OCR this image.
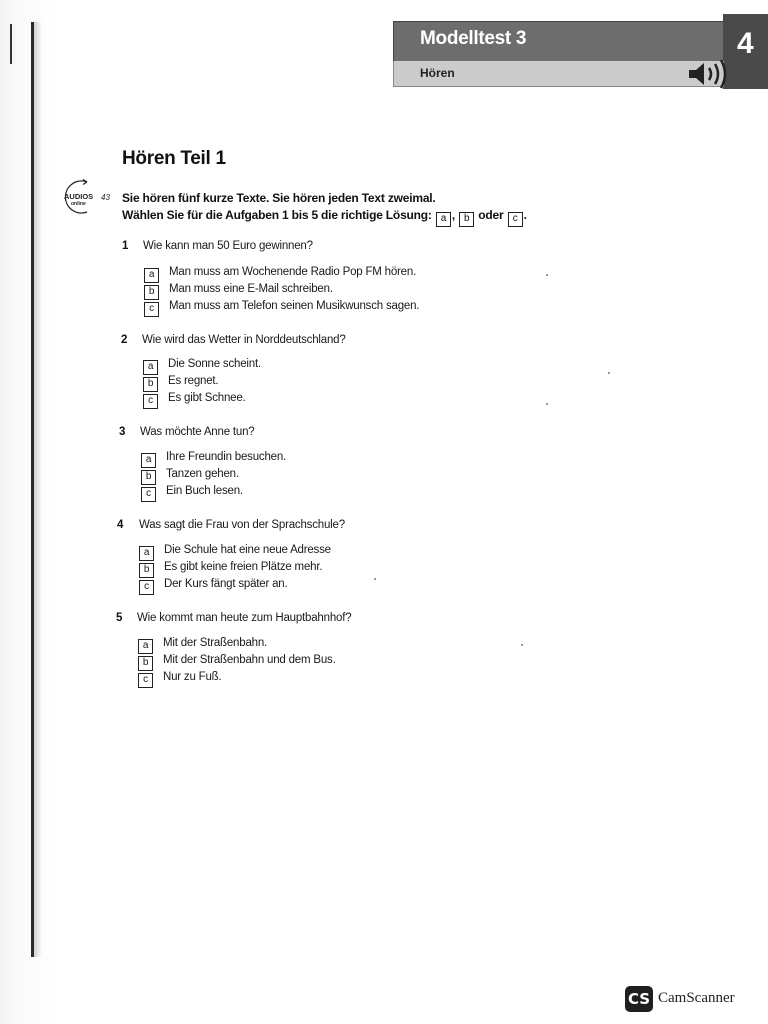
Modelltest 3	4
Hören
Hören Teil 1
AUDIOS
online
43 Sie hören fünf kurze Texte. Sie hören jeden Text zweimal.
Wählen Sie für die Aufgaben 1 bis 5 die richtige Lösung: a , b oder c .
1 Wie kann man 50 Euro gewinnen?
a Man muss am Wochenende Radio Pop FM hören.
b Man muss eine E-Mail schreiben.
c Man muss am Telefon seinen Musikwunsch sagen.
2 Wie wird das Wetter in Norddeutschland?
a Die Sonne scheint.
b Es regnet.
c Es gibt Schnee.
3 Was möchte Anne tun?
a Ihre Freundin besuchen.
b Tanzen gehen.
c Ein Buch lesen.
4 Was sagt die Frau von der Sprachschule?
a Die Schule hat eine neue Adresse
b Es gibt keine freien Plätze mehr.
c Der Kurs fängt später an.
5 Wie kommt man heute zum Hauptbahnhof?
a Mit der Straßenbahn.
b Mit der Straßenbahn und dem Bus.
c Nur zu Fuß.
CS CamScanner
